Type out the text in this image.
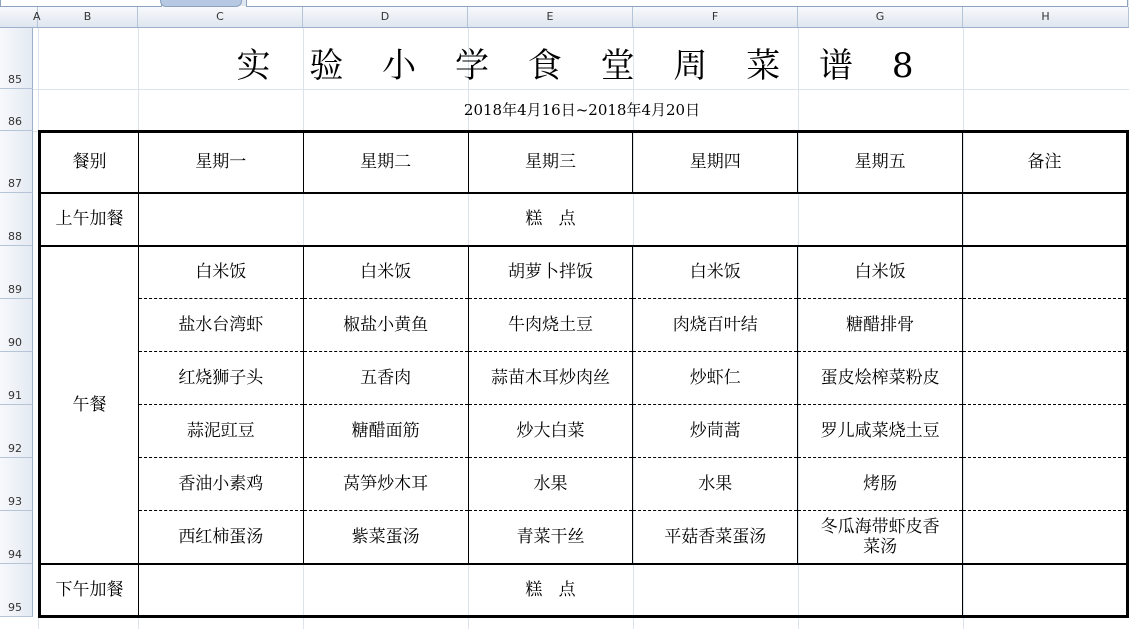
A	B	C	D	E	F	G	H
85
86
87
88
89
90
91
92
93
94
95
实 验 小 学 食 堂 周 菜 谱 8
2018年4月16日~2018年4月20日
餐别	星期一	星期二	星期三	星期四	星期五	备注
上午加餐	糕   点					
午餐	白米饭	白米饭	胡萝卜拌饭	白米饭	白米饭	
	盐水台湾虾	椒盐小黄鱼	牛肉烧土豆	肉烧百叶结	糖醋排骨	
	红烧狮子头	五香肉	蒜苗木耳炒肉丝	炒虾仁	蛋皮烩榨菜粉皮	
	蒜泥豇豆	糖醋面筋	炒大白菜	炒茼蒿	罗儿咸菜烧土豆	
	香油小素鸡	莴笋炒木耳	水果	水果	烤肠	
	西红柿蛋汤	紫菜蛋汤	青菜干丝	平菇香菜蛋汤	冬瓜海带虾皮香菜汤	
下午加餐	糕   点					
